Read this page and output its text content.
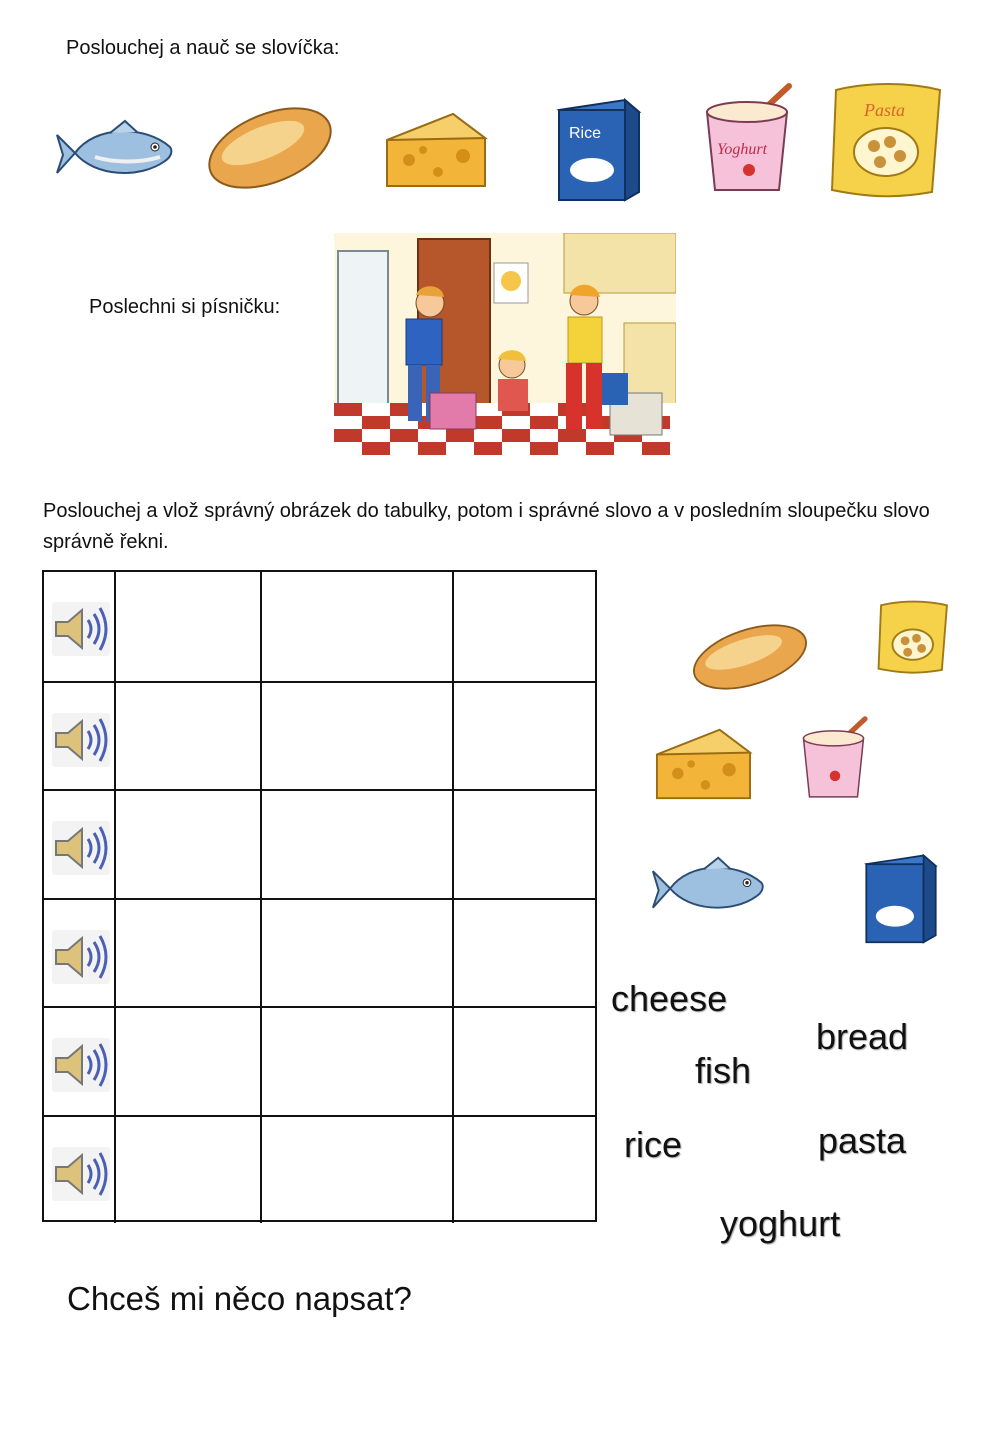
Poslouchej a nauč se slovíčka:
Poslechni si písničku:
Poslouchej a vlož správný obrázek do tabulky, potom i správné slovo a v posledním sloupečku slovo správně řekni.
Rice
Yoghurt
Pasta
cheese
bread
fish
rice	pasta
yoghurt
Chceš mi něco napsat?
